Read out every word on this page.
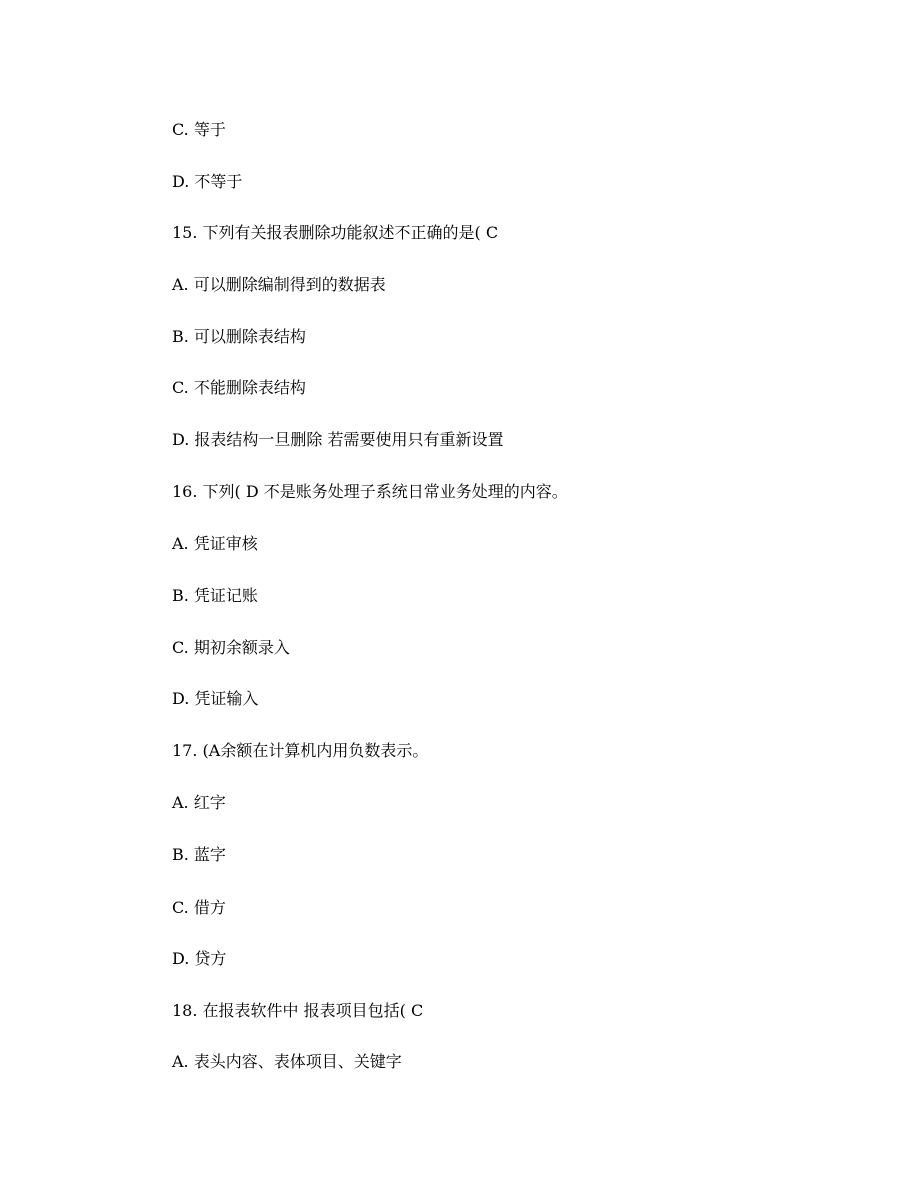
C. 等于
D. 不等于
15. 下列有关报表删除功能叙述不正确的是( C
A. 可以删除编制得到的数据表
B. 可以删除表结构
C. 不能删除表结构
D. 报表结构一旦删除 若需要使用只有重新设置
16. 下列( D 不是账务处理子系统日常业务处理的内容。
A. 凭证审核
B. 凭证记账
C. 期初余额录入
D. 凭证输入
17. (A余额在计算机内用负数表示。
A. 红字
B. 蓝字
C. 借方
D. 贷方
18. 在报表软件中 报表项目包括( C
A. 表头内容、表体项目、关键字
